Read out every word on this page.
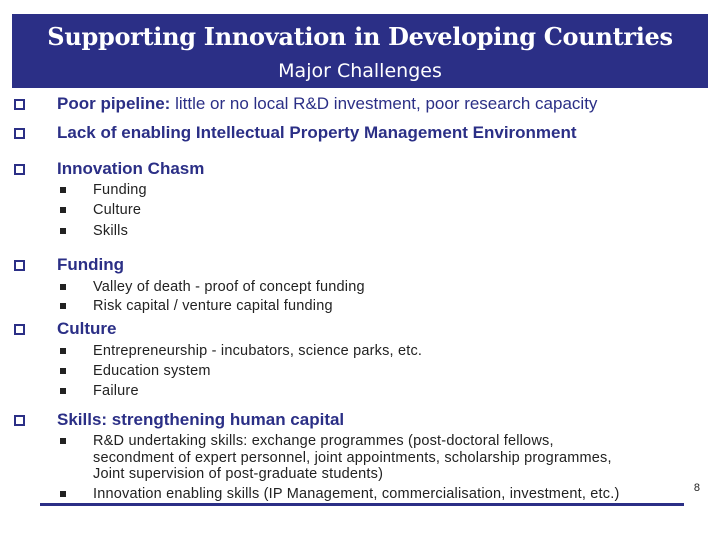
Supporting Innovation in Developing Countries
Major Challenges
Poor pipeline: little or no local R&D investment, poor research capacity
Lack of enabling Intellectual Property Management Environment
Innovation Chasm
Funding
Culture
Skills
Funding
Valley of death - proof of concept funding
Risk capital / venture capital funding
Culture
Entrepreneurship - incubators, science parks, etc.
Education system
Failure
Skills: strengthening human capital
R&D undertaking skills: exchange programmes (post-doctoral fellows,
secondment of expert personnel, joint appointments, scholarship programmes,
Joint supervision of post-graduate students)
Innovation enabling skills (IP Management, commercialisation, investment, etc.)	8
